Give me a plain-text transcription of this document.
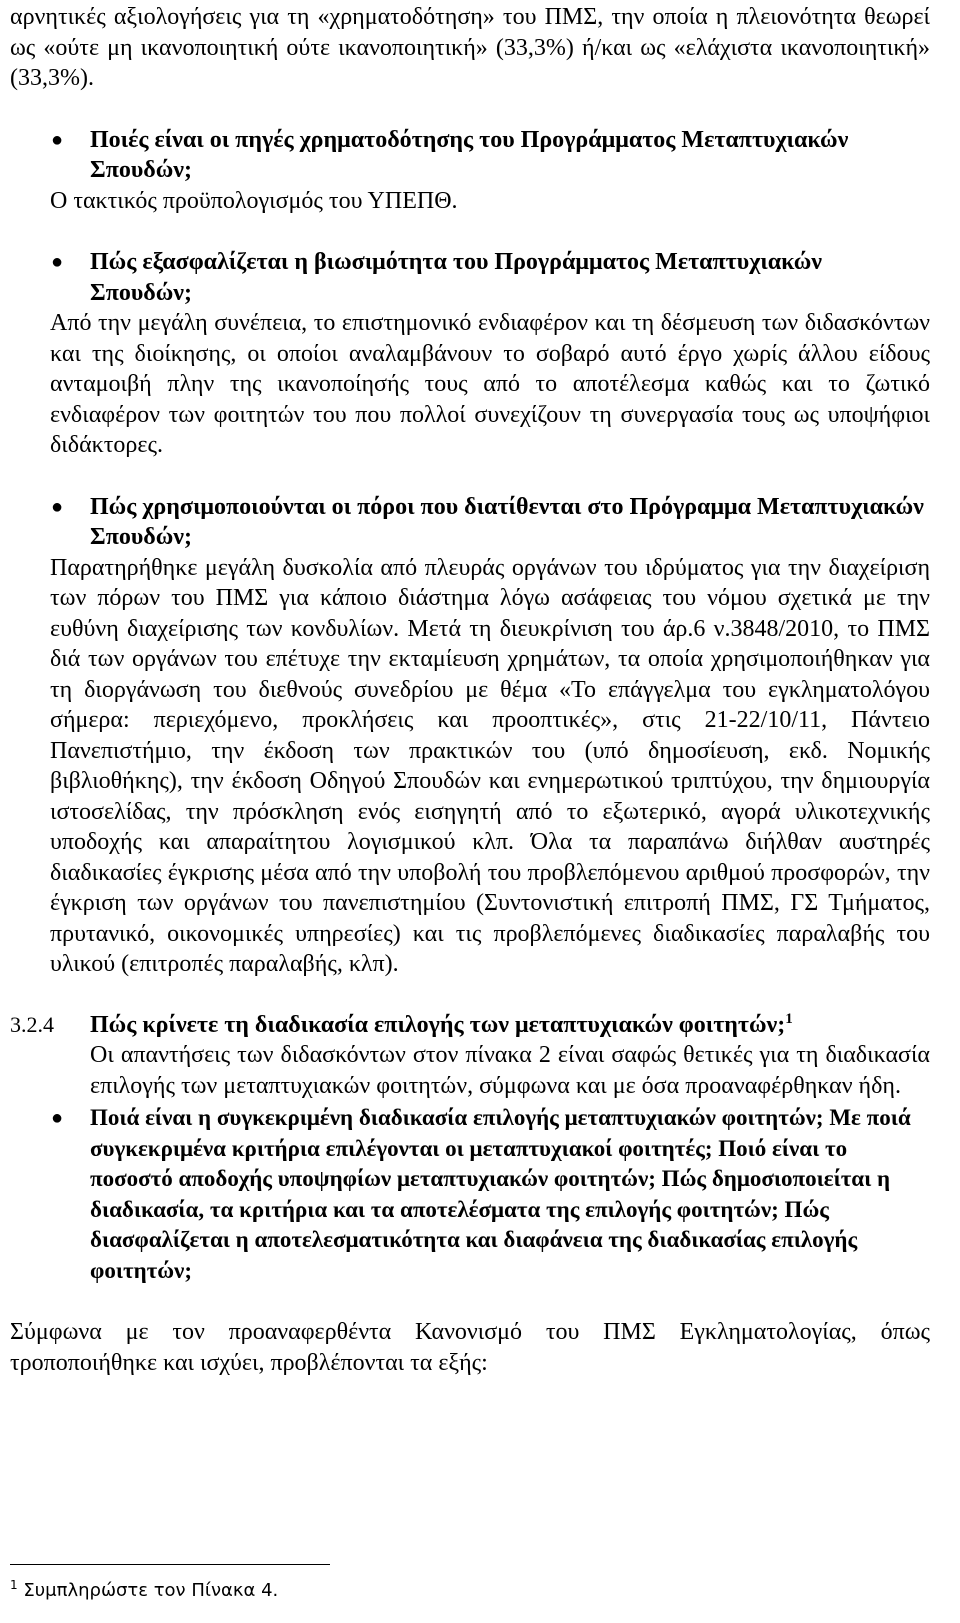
αρνητικές αξιολογήσεις για τη «χρηματοδότηση» του ΠΜΣ, την οποία η πλειονότητα θεωρεί ως «ούτε μη ικανοποιητική ούτε ικανοποιητική» (33,3%) ή/και ως «ελάχιστα ικανοποιητική» (33,3%).

●	Ποιές είναι οι πηγές χρηματοδότησης του Προγράμματος Μεταπτυχιακών Σπουδών;

Ο τακτικός προϋπολογισμός του ΥΠΕΠΘ.

●	Πώς εξασφαλίζεται η βιωσιμότητα του Προγράμματος Μεταπτυχιακών Σπουδών;

Από την μεγάλη συνέπεια, το επιστημονικό ενδιαφέρον και τη δέσμευση των διδασκόντων και της διοίκησης, οι οποίοι αναλαμβάνουν το σοβαρό αυτό έργο χωρίς άλλου είδους ανταμοιβή πλην της ικανοποίησής τους από το αποτέλεσμα καθώς και το ζωτικό ενδιαφέρον των φοιτητών του που πολλοί συνεχίζουν τη συνεργασία τους ως υποψήφιοι διδάκτορες.

●	Πώς χρησιμοποιούνται οι πόροι που διατίθενται στο Πρόγραμμα Μεταπτυχιακών Σπουδών;

Παρατηρήθηκε μεγάλη δυσκολία από πλευράς οργάνων του ιδρύματος για την διαχείριση των πόρων του ΠΜΣ για κάποιο διάστημα λόγω ασάφειας του νόμου σχετικά με την ευθύνη διαχείρισης των κονδυλίων. Μετά τη διευκρίνιση του άρ.6 ν.3848/2010, το ΠΜΣ διά των οργάνων του επέτυχε την εκταμίευση χρημάτων, τα οποία χρησιμοποιήθηκαν για τη διοργάνωση του διεθνούς συνεδρίου με θέμα «Το επάγγελμα του εγκληματολόγου σήμερα: περιεχόμενο, προκλήσεις και προοπτικές», στις 21-22/10/11, Πάντειο Πανεπιστήμιο, την έκδοση των πρακτικών του (υπό δημοσίευση, εκδ. Νομικής βιβλιοθήκης), την έκδοση Οδηγού Σπουδών και ενημερωτικού τριπτύχου, την δημιουργία ιστοσελίδας, την πρόσκληση ενός εισηγητή από το εξωτερικό, αγορά υλικοτεχνικής υποδοχής και απαραίτητου λογισμικού κλπ. Όλα τα παραπάνω διήλθαν αυστηρές διαδικασίες έγκρισης μέσα από την υποβολή του προβλεπόμενου αριθμού προσφορών, την έγκριση των οργάνων του πανεπιστημίου (Συντονιστική επιτροπή ΠΜΣ, ΓΣ Τμήματος, πρυτανικό, οικονομικές υπηρεσίες) και τις προβλεπόμενες διαδικασίες παραλαβής του υλικού (επιτροπές παραλαβής, κλπ).

3.2.4 Πώς κρίνετε τη διαδικασία επιλογής των μεταπτυχιακών φοιτητών;$^1$

Οι απαντήσεις των διδασκόντων στον πίνακα 2 είναι σαφώς θετικές για τη διαδικασία επιλογής των μεταπτυχιακών φοιτητών, σύμφωνα και με όσα προαναφέρθηκαν ήδη.

● Ποιά είναι η συγκεκριμένη διαδικασία επιλογής μεταπτυχιακών φοιτητών; Με ποιά συγκεκριμένα κριτήρια επιλέγονται οι μεταπτυχιακοί φοιτητές; Ποιό είναι το ποσοστό αποδοχής υποψηφίων μεταπτυχιακών φοιτητών; Πώς δημοσιοποιείται η διαδικασία, τα κριτήρια και τα αποτελέσματα της επιλογής φοιτητών; Πώς διασφαλίζεται η αποτελεσματικότητα και διαφάνεια της διαδικασίας επιλογής φοιτητών;

Σύμφωνα με τον προαναφερθέντα Κανονισμό του ΠΜΣ Εγκληματολογίας, όπως τροποποιήθηκε και ισχύει, προβλέπονται τα εξής:

$^1$ Συμπληρώστε τον Πίνακα 4.
